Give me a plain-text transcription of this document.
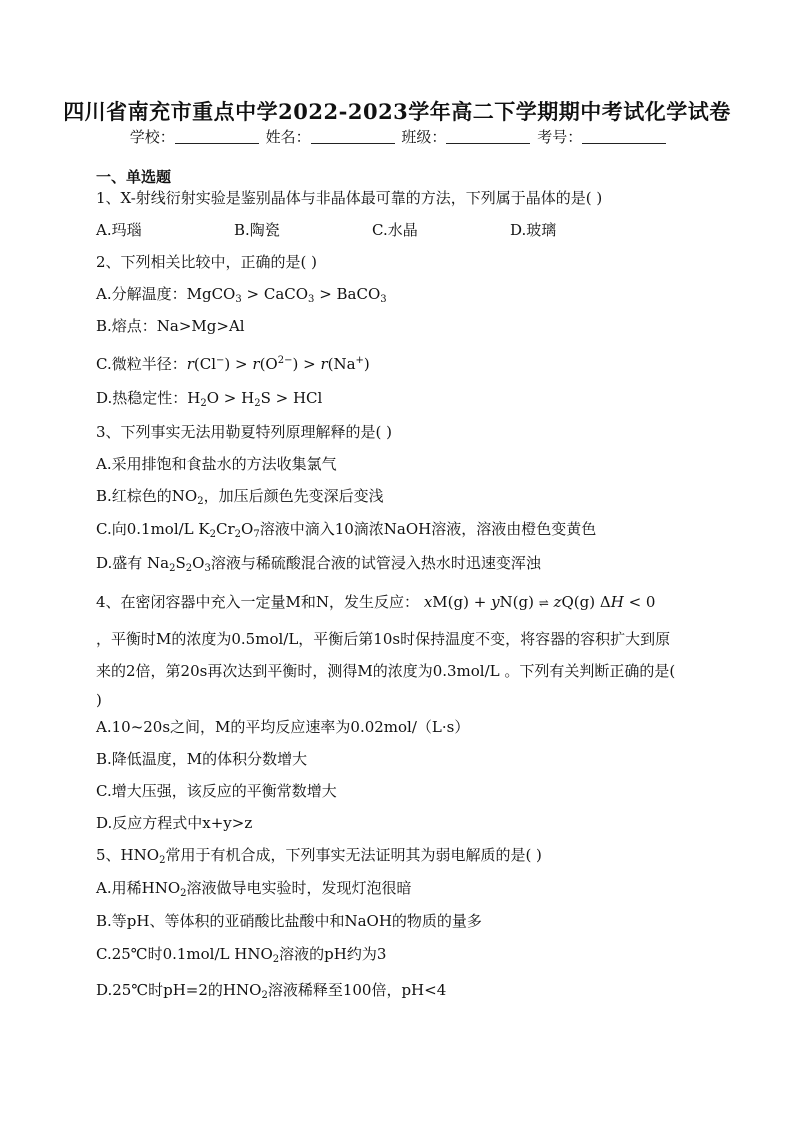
四川省南充市重点中学2022-2023学年高二下学期期中考试化学试卷
学校：	姓名：	班级：	考号：
一、单选题
1、X-射线衍射实验是鉴别晶体与非晶体最可靠的方法，下列属于晶体的是( )
A.玛瑙	B.陶瓷	C.水晶	D.玻璃
2、下列相关比较中，正确的是( )
A.分解温度：MgCO$_3$ > CaCO$_3$ > BaCO$_3$
B.熔点：Na>Mg>Al
C.微粒半径：$r(Cl^-) > r(O^{2-}) > r(Na^+)$
D.热稳定性：$H_2O > H_2S$ > HCl
3、下列事实无法用勒夏特列原理解释的是( )
A.采用排饱和食盐水的方法收集氯气
B.红棕色的$NO_2$，加压后颜色先变深后变浅
C.向0.1mol/L $K_2Cr_2O_7$溶液中滴入10滴浓NaOH溶液，溶液由橙色变黄色
D.盛有 $Na_2S_2O_3$溶液与稀硫酸混合液的试管浸入热水时迅速变浑浊
4、在密闭容器中充入一定量M和N，发生反应： xM(g) + yN(g) ⇌ zQ(g) ΔH < 0
，平衡时M的浓度为0.5mol/L，平衡后第10s时保持温度不变，将容器的容积扩大到原
来的2倍，第20s再次达到平衡时，测得M的浓度为0.3mol/L 。下列有关判断正确的是(
)
A.10~20s之间，M的平均反应速率为0.02mol/（L·s）
B.降低温度，M的体积分数增大
C.增大压强，该反应的平衡常数增大
D.反应方程式中x+y>z
5、$HNO_2$常用于有机合成，下列事实无法证明其为弱电解质的是( )
A.用稀$HNO_2$溶液做导电实验时，发现灯泡很暗
B.等pH、等体积的亚硝酸比盐酸中和NaOH的物质的量多
C.25℃时0.1mol/L $HNO_2$溶液的pH约为3
D.25℃时pH=2的$HNO_2$溶液稀释至100倍，pH<4
